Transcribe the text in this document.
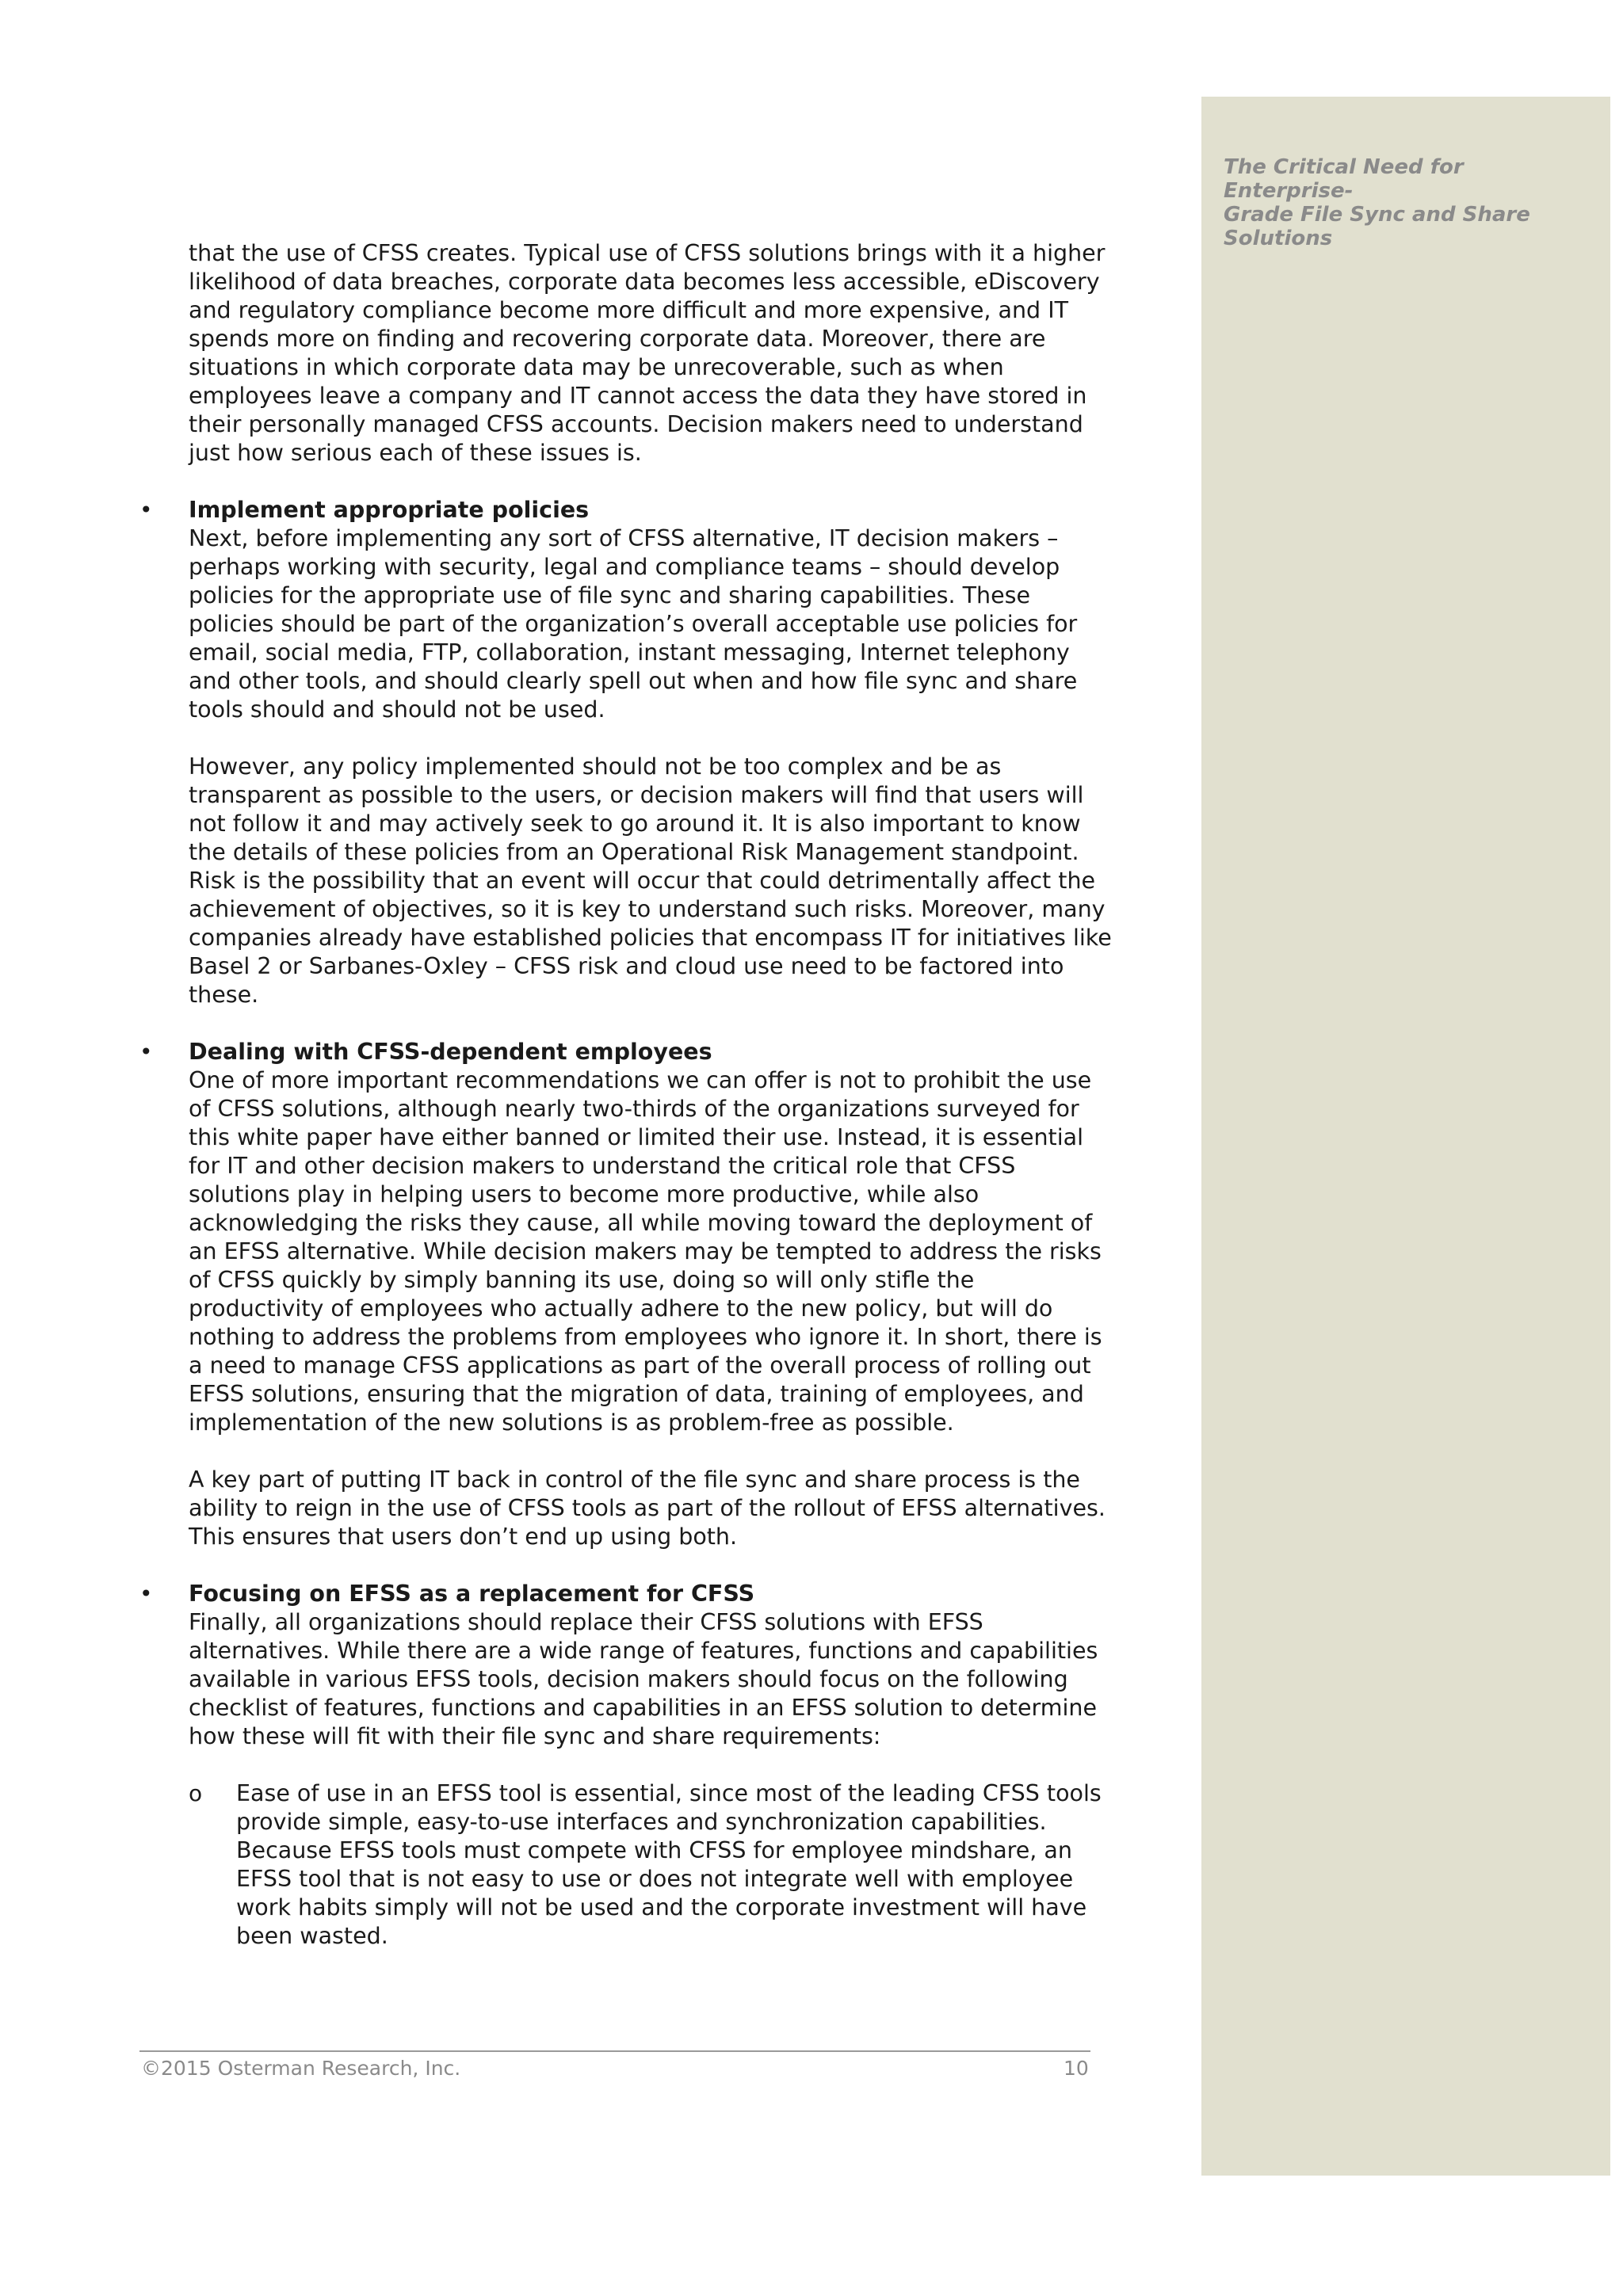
The Critical Need for Enterprise-
Grade File Sync and Share
Solutions
that the use of CFSS creates. Typical use of CFSS solutions brings with it a higher
likelihood of data breaches, corporate data becomes less accessible, eDiscovery
and regulatory compliance become more difficult and more expensive, and IT
spends more on finding and recovering corporate data. Moreover, there are
situations in which corporate data may be unrecoverable, such as when
employees leave a company and IT cannot access the data they have stored in
their personally managed CFSS accounts. Decision makers need to understand
just how serious each of these issues is.
• Implement appropriate policies
Next, before implementing any sort of CFSS alternative, IT decision makers –
perhaps working with security, legal and compliance teams – should develop
policies for the appropriate use of file sync and sharing capabilities. These
policies should be part of the organization’s overall acceptable use policies for
email, social media, FTP, collaboration, instant messaging, Internet telephony
and other tools, and should clearly spell out when and how file sync and share
tools should and should not be used.
However, any policy implemented should not be too complex and be as
transparent as possible to the users, or decision makers will find that users will
not follow it and may actively seek to go around it. It is also important to know
the details of these policies from an Operational Risk Management standpoint.
Risk is the possibility that an event will occur that could detrimentally affect the
achievement of objectives, so it is key to understand such risks. Moreover, many
companies already have established policies that encompass IT for initiatives like
Basel 2 or Sarbanes-Oxley – CFSS risk and cloud use need to be factored into
these.
• Dealing with CFSS-dependent employees
One of more important recommendations we can offer is not to prohibit the use
of CFSS solutions, although nearly two-thirds of the organizations surveyed for
this white paper have either banned or limited their use. Instead, it is essential
for IT and other decision makers to understand the critical role that CFSS
solutions play in helping users to become more productive, while also
acknowledging the risks they cause, all while moving toward the deployment of
an EFSS alternative. While decision makers may be tempted to address the risks
of CFSS quickly by simply banning its use, doing so will only stifle the
productivity of employees who actually adhere to the new policy, but will do
nothing to address the problems from employees who ignore it. In short, there is
a need to manage CFSS applications as part of the overall process of rolling out
EFSS solutions, ensuring that the migration of data, training of employees, and
implementation of the new solutions is as problem-free as possible.
A key part of putting IT back in control of the file sync and share process is the
ability to reign in the use of CFSS tools as part of the rollout of EFSS alternatives.
This ensures that users don’t end up using both.
• Focusing on EFSS as a replacement for CFSS
Finally, all organizations should replace their CFSS solutions with EFSS
alternatives. While there are a wide range of features, functions and capabilities
available in various EFSS tools, decision makers should focus on the following
checklist of features, functions and capabilities in an EFSS solution to determine
how these will fit with their file sync and share requirements:
o Ease of use in an EFSS tool is essential, since most of the leading CFSS tools
provide simple, easy-to-use interfaces and synchronization capabilities.
Because EFSS tools must compete with CFSS for employee mindshare, an
EFSS tool that is not easy to use or does not integrate well with employee
work habits simply will not be used and the corporate investment will have
been wasted.
©2015 Osterman Research, Inc.	10
